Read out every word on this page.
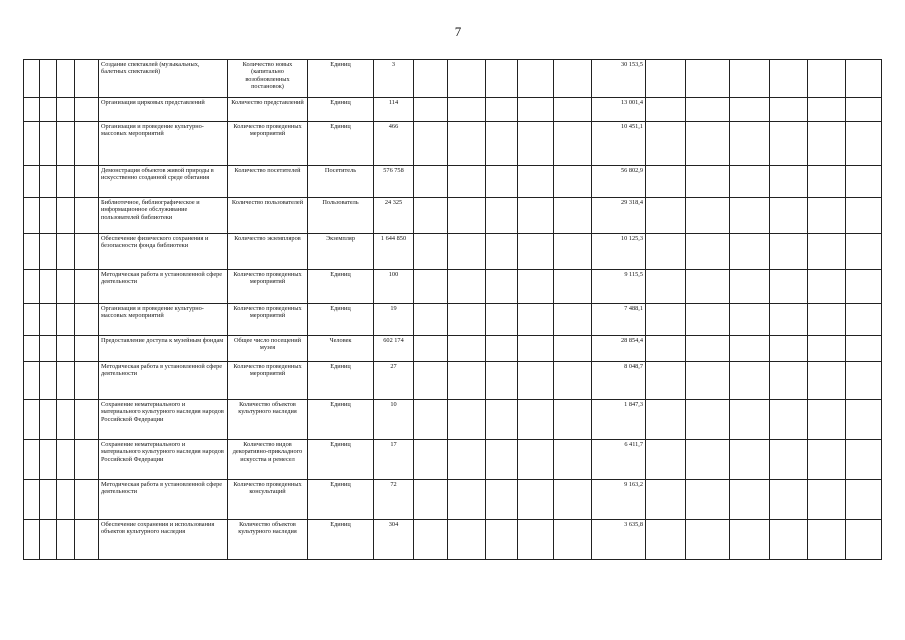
7
				Создание спектаклей (музыкальных, балетных спектаклей)	Количество новых (капитально возобновленных постановок)	Единиц	3						30 153,5						
				Организация цирковых представлений	Количество представлений	Единиц	114						13 001,4						
				Организация и проведение культурно-массовых мероприятий	Количество проведенных мероприятий	Единиц	466						10 451,1						
				Демонстрация объектов живой природы в искусственно созданной среде обитания	Количество посетителей	Посетитель	576 758						56 802,9						
				Библиотечное, библиографическое и информационное обслуживание пользователей библиотеки	Количество пользователей	Пользователь	24 325						29 318,4						
				Обеспечение физического сохранения и безопасности фонда библиотеки	Количество экземпляров	Экземпляр	1 644 850						10 125,3						
				Методическая работа в установленной сфере деятельности	Количество проведенных мероприятий	Единиц	100						9 115,5						
				Организация и проведение культурно-массовых мероприятий	Количество проведенных мероприятий	Единиц	19						7 488,1						
				Предоставление доступа к музейным фондам	Общее число посещений музея	Человек	602 174						28 854,4						
				Методическая работа в установленной сфере деятельности	Количество проведенных мероприятий	Единиц	27						8 048,7						
				Сохранение нематериального и материального культурного наследия народов Российской Федерации	Количество объектов культурного наследия	Единиц	10						1 847,3						
				Сохранение нематериального и материального культурного наследия народов Российской Федерации	Количество видов декоративно-прикладного искусства и ремесел	Единиц	17						6 411,7						
				Методическая работа в установленной сфере деятельности	Количество проведенных консультаций	Единиц	72						9 163,2						
				Обеспечение сохранения и использования объектов культурного наследия	Количество объектов культурного наследия	Единиц	304						3 635,8						
